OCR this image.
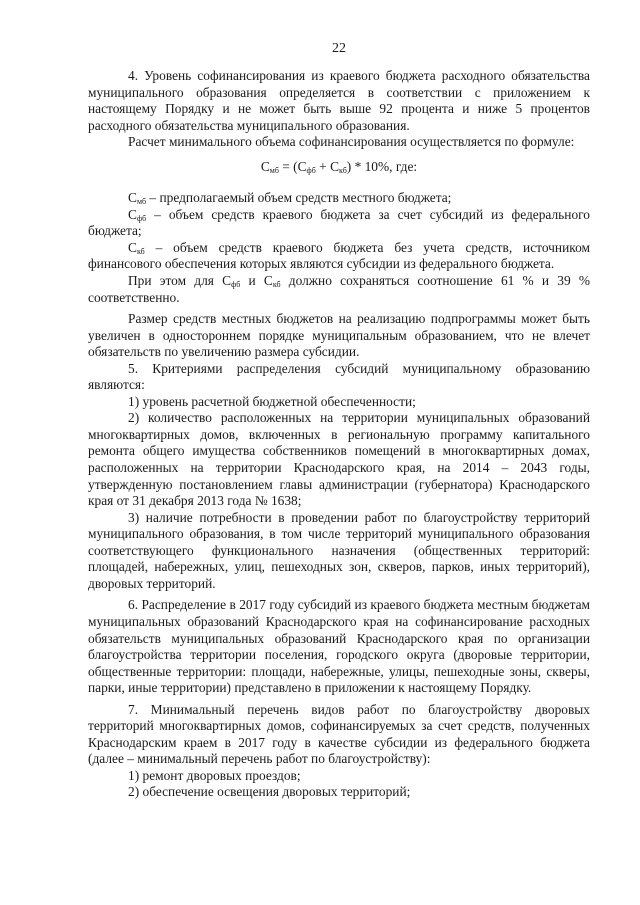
22

4. Уровень софинансирования из краевого бюджета расходного обязательства муниципального образования определяется в соответствии с приложением к настоящему Порядку и не может быть выше 92 процента и ниже 5 процентов расходного обязательства муниципального образования.

Расчет минимального объема софинансирования осуществляется по формуле:

$С_{мб} = (С_{фб} + С_{кб}) * 10\%$, где:

$С_{мб}$ – предполагаемый объем средств местного бюджета;

$С_{фб}$ – объем средств краевого бюджета за счет субсидий из федерального бюджета;

$С_{кб}$ – объем средств краевого бюджета без учета средств, источником финансового обеспечения которых являются субсидии из федерального бюджета.

При этом для $С_{фб}$ и $С_{кб}$ должно сохраняться соотношение 61 % и 39 % соответственно.

Размер средств местных бюджетов на реализацию подпрограммы может быть увеличен в одностороннем порядке муниципальным образованием, что не влечет обязательств по увеличению размера субсидии.

5. Критериями распределения субсидий муниципальному образованию являются:

1) уровень расчетной бюджетной обеспеченности;

2) количество расположенных на территории муниципальных образований многоквартирных домов, включенных в региональную программу капитального ремонта общего имущества собственников помещений в многоквартирных домах, расположенных на территории Краснодарского края, на 2014 – 2043 годы, утвержденную постановлением главы администрации (губернатора) Краснодарского края от 31 декабря 2013 года № 1638;

3) наличие потребности в проведении работ по благоустройству территорий муниципального образования, в том числе территорий муниципального образования соответствующего функционального назначения (общественных территорий: площадей, набережных, улиц, пешеходных зон, скверов, парков, иных территорий), дворовых территорий.

6. Распределение в 2017 году субсидий из краевого бюджета местным бюджетам муниципальных образований Краснодарского края на софинансирование расходных обязательств муниципальных образований Краснодарского края по организации благоустройства территории поселения, городского округа (дворовые территории, общественные территории: площади, набережные, улицы, пешеходные зоны, скверы, парки, иные территории) представлено в приложении к настоящему Порядку.

7. Минимальный перечень видов работ по благоустройству дворовых территорий многоквартирных домов, софинансируемых за счет средств, полученных Краснодарским краем в 2017 году в качестве субсидии из федерального бюджета (далее – минимальный перечень работ по благоустройству):

1) ремонт дворовых проездов;

2) обеспечение освещения дворовых территорий;
